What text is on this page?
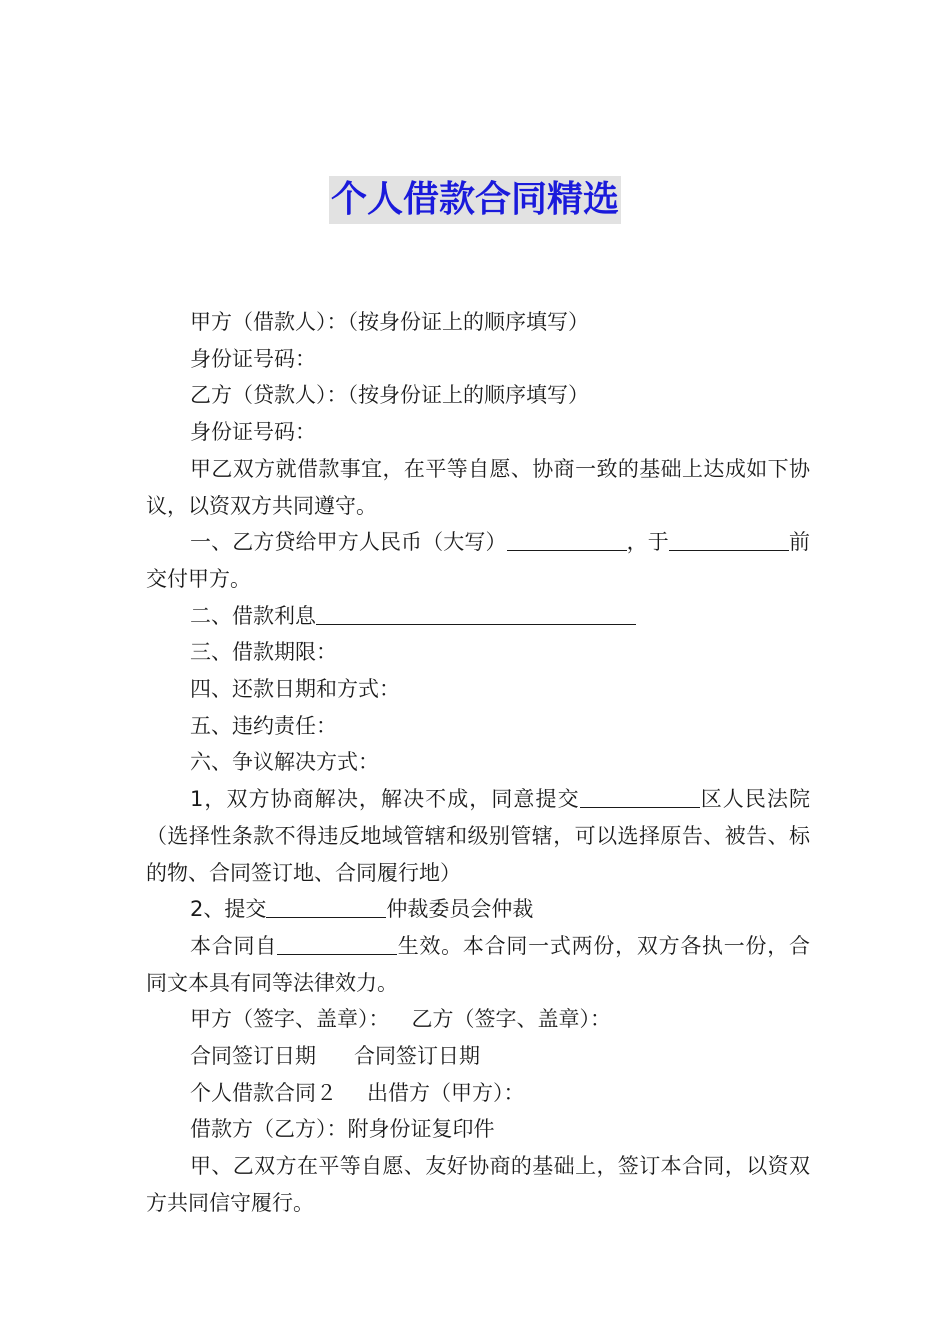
个人借款合同精选

甲方（借款人）：（按身份证上的顺序填写）

身份证号码：

乙方（贷款人）：（按身份证上的顺序填写）

身份证号码：

甲乙双方就借款事宜，在平等自愿、协商一致的基础上达成如下协议，以资双方共同遵守。

一、乙方贷给甲方人民币（大写）	，于	前交付甲方。

二、借款利息

三、借款期限：

四、还款日期和方式：

五、违约责任：

六、争议解决方式：

1，双方协商解决，解决不成，同意提交	区人民法院（选择性条款不得违反地域管辖和级别管辖，可以选择原告、被告、标的物、合同签订地、合同履行地）

2、提交	仲裁委员会仲裁

本合同自	生效。本合同一式两份，双方各执一份，合同文本具有同等法律效力。

甲方（签字、盖章）： 乙方（签字、盖章）：

合同签订日期 合同签订日期

个人借款合同２ 出借方（甲方）：

借款方（乙方）：附身份证复印件

甲、乙双方在平等自愿、友好协商的基础上，签订本合同，以资双方共同信守履行。
